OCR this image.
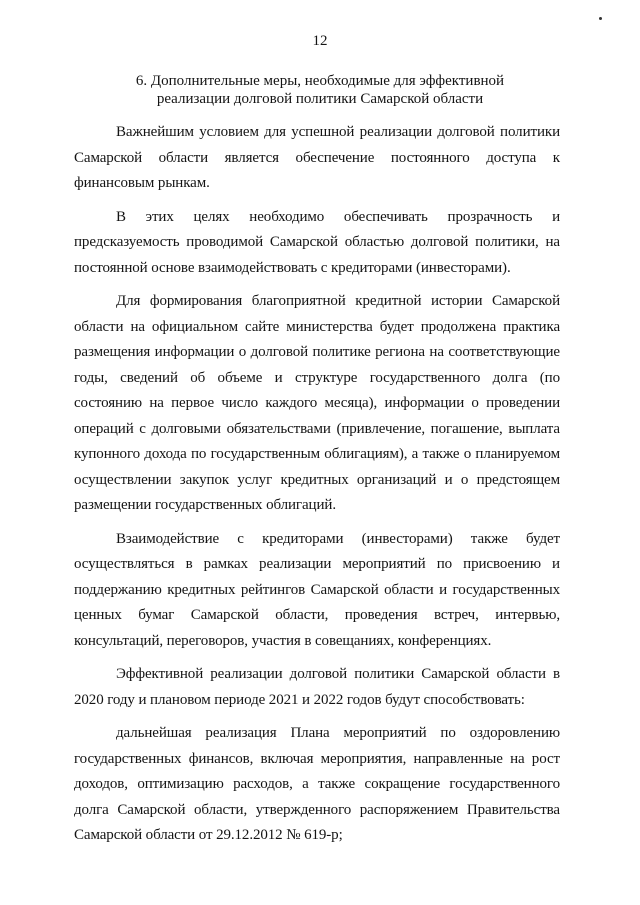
12
6. Дополнительные меры, необходимые для эффективной
реализации долговой политики Самарской области

Важнейшим условием для успешной реализации долговой политики Самарской области является обеспечение постоянного доступа к финансовым рынкам.

В этих целях необходимо обеспечивать прозрачность и предсказуемость проводимой Самарской областью долговой политики, на постоянной основе взаимодействовать с кредиторами (инвесторами).

Для формирования благоприятной кредитной истории Самарской области на официальном сайте министерства будет продолжена практика размещения информации о долговой политике региона на соответствующие годы, сведений об объеме и структуре государственного долга (по состоянию на первое число каждого месяца), информации о проведении операций с долговыми обязательствами (привлечение, погашение, выплата купонного дохода по государственным облигациям), а также о планируемом осуществлении закупок услуг кредитных организаций и о предстоящем размещении государственных облигаций.

Взаимодействие с кредиторами (инвесторами) также будет осуществляться в рамках реализации мероприятий по присвоению и поддержанию кредитных рейтингов Самарской области и государственных ценных бумаг Самарской области, проведения встреч, интервью, консультаций, переговоров, участия в совещаниях, конференциях.

Эффективной реализации долговой политики Самарской области в 2020 году и плановом периоде 2021 и 2022 годов будут способствовать:

дальнейшая реализация Плана мероприятий по оздоровлению государственных финансов, включая мероприятия, направленные на рост доходов, оптимизацию расходов, а также сокращение государственного долга Самарской области, утвержденного распоряжением Правительства Самарской области от 29.12.2012 № 619-р;
